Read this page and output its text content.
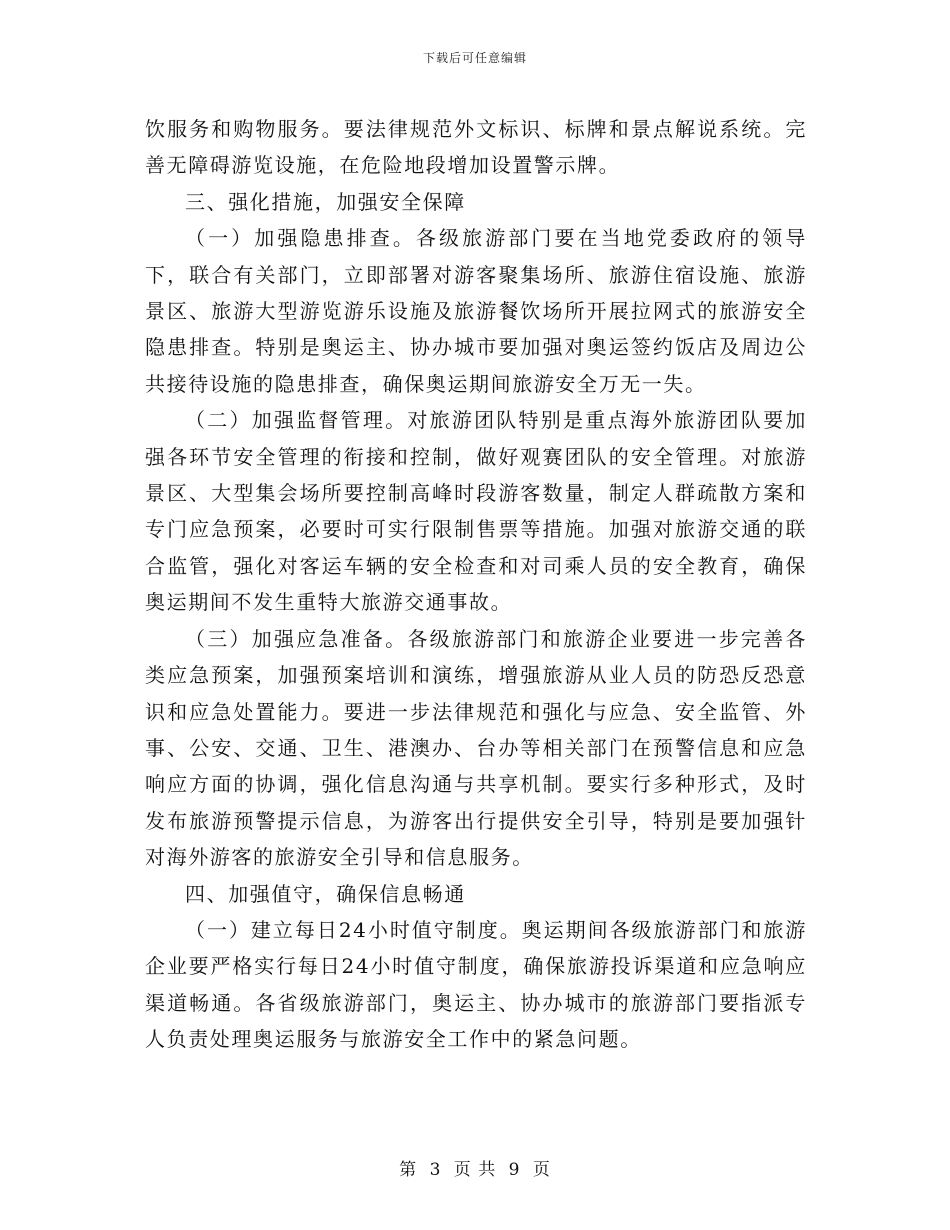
下载后可任意编辑

饮服务和购物服务。要法律规范外文标识、标牌和景点解说系统。完善无障碍游览设施，在危险地段增加设置警示牌。

三、强化措施，加强安全保障

（一）加强隐患排查。各级旅游部门要在当地党委政府的领导下，联合有关部门，立即部署对游客聚集场所、旅游住宿设施、旅游景区、旅游大型游览游乐设施及旅游餐饮场所开展拉网式的旅游安全隐患排查。特别是奥运主、协办城市要加强对奥运签约饭店及周边公共接待设施的隐患排查，确保奥运期间旅游安全万无一失。

（二）加强监督管理。对旅游团队特别是重点海外旅游团队要加强各环节安全管理的衔接和控制，做好观赛团队的安全管理。对旅游景区、大型集会场所要控制高峰时段游客数量，制定人群疏散方案和专门应急预案，必要时可实行限制售票等措施。加强对旅游交通的联合监管，强化对客运车辆的安全检查和对司乘人员的安全教育，确保奥运期间不发生重特大旅游交通事故。

（三）加强应急准备。各级旅游部门和旅游企业要进一步完善各类应急预案，加强预案培训和演练，增强旅游从业人员的防恐反恐意识和应急处置能力。要进一步法律规范和强化与应急、安全监管、外事、公安、交通、卫生、港澳办、台办等相关部门在预警信息和应急响应方面的协调，强化信息沟通与共享机制。要实行多种形式，及时发布旅游预警提示信息，为游客出行提供安全引导，特别是要加强针对海外游客的旅游安全引导和信息服务。

四、加强值守，确保信息畅通

（一）建立每日24小时值守制度。奥运期间各级旅游部门和旅游企业要严格实行每日24小时值守制度，确保旅游投诉渠道和应急响应渠道畅通。各省级旅游部门，奥运主、协办城市的旅游部门要指派专人负责处理奥运服务与旅游安全工作中的紧急问题。

第 3 页 共 9 页
